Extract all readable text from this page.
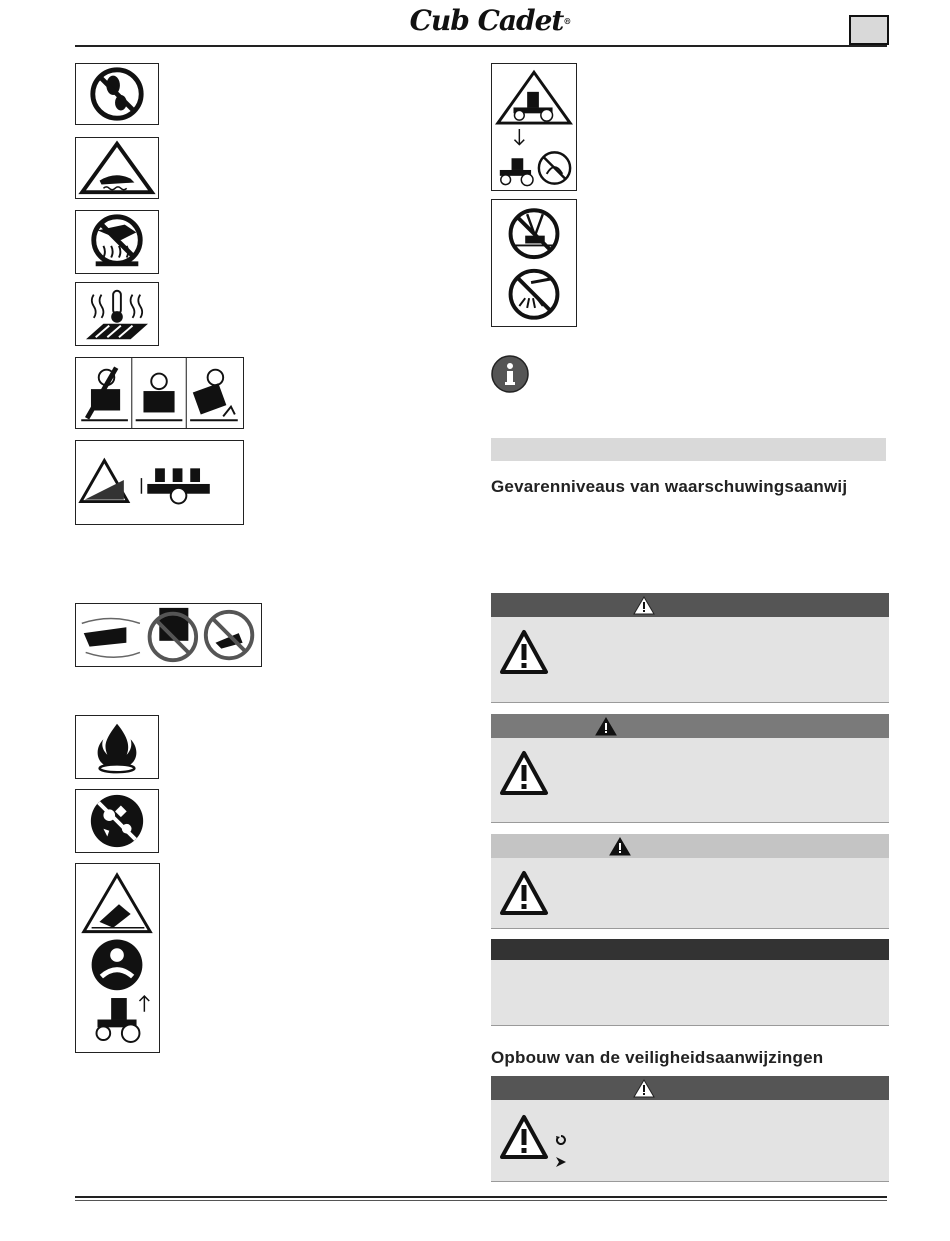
Cub Cadet®
Gevarenniveaus van waarschuwingsaanwij
Opbouw van de veiligheidsaanwijzingen
